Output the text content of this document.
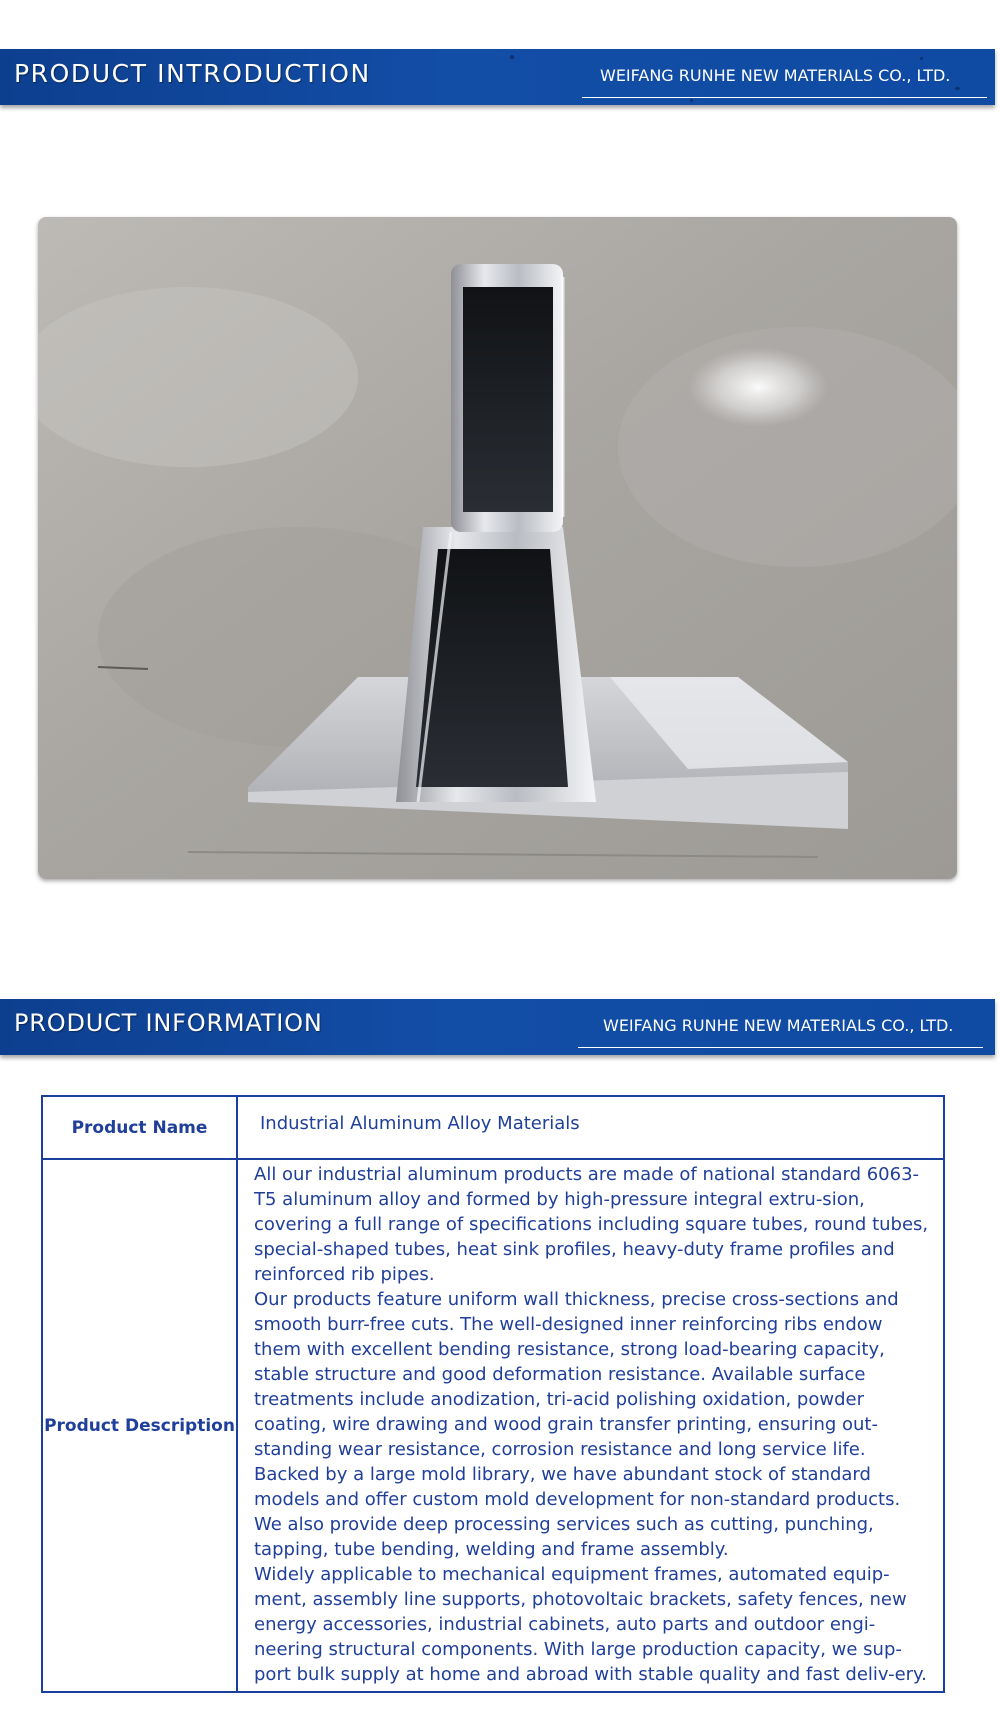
PRODUCT INTRODUCTION	WEIFANG RUNHE NEW MATERIALS CO., LTD.
PRODUCT INFORMATION	WEIFANG RUNHE NEW MATERIALS CO., LTD.
Product Name	Industrial Aluminum Alloy Materials
Product Description	All our industrial aluminum products are made of national standard 6063-T5 aluminum alloy and formed by high-pressure integral extru-sion, covering a full range of specifications including square tubes, round tubes, special-shaped tubes, heat sink profiles, heavy-duty frame profiles and reinforced rib pipes.

Our products feature uniform wall thickness, precise cross-sections and smooth burr-free cuts. The well-designed inner reinforcing ribs endow them with excellent bending resistance, strong load-bearing capacity, stable structure and good deformation resistance. Available surface treatments include anodization, tri-acid polishing oxidation, powder coating, wire drawing and wood grain transfer printing, ensuring out-standing wear resistance, corrosion resistance and long service life.

Backed by a large mold library, we have abundant stock of standard models and offer custom mold development for non-standard products. We also provide deep processing services such as cutting, punching, tapping, tube bending, welding and frame assembly.

Widely applicable to mechanical equipment frames, automated equip-ment, assembly line supports, photovoltaic brackets, safety fences, new energy accessories, industrial cabinets, auto parts and outdoor engi-neering structural components. With large production capacity, we sup-port bulk supply at home and abroad with stable quality and fast deliv-ery.
